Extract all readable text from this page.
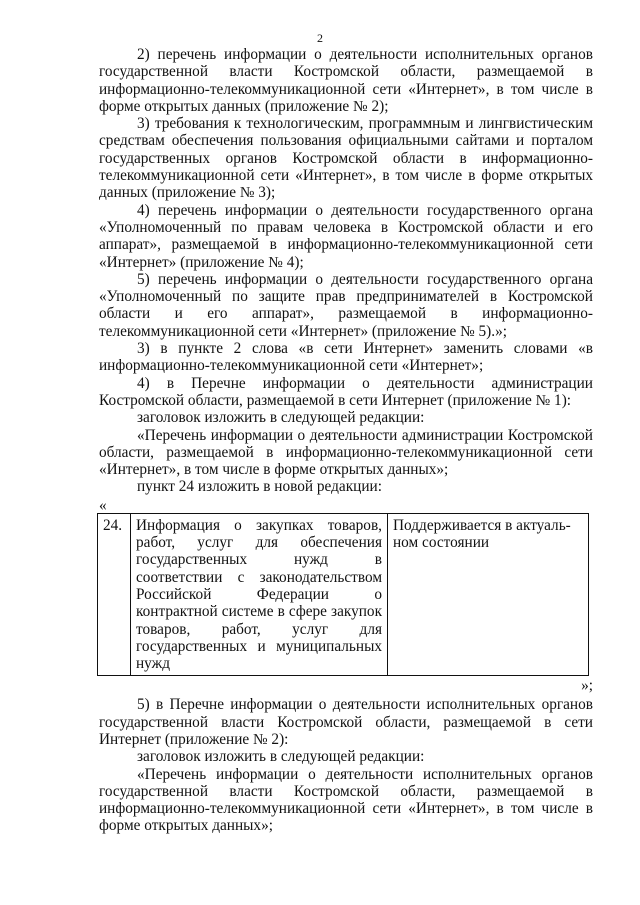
2

2) перечень информации о деятельности исполнительных органов государственной власти Костромской области, размещаемой в информационно-телекоммуникационной сети «Интернет», в том числе в форме открытых данных (приложение № 2);

3) требования к технологическим, программным и лингвистическим средствам обеспечения пользования официальными сайтами и порталом государственных органов Костромской области в информационно-телекоммуникационной сети «Интернет», в том числе в форме открытых данных (приложение № 3);

4) перечень информации о деятельности государственного органа «Уполномоченный по правам человека в Костромской области и его аппарат», размещаемой в информационно-телекоммуникационной сети «Интернет» (приложение № 4);

5) перечень информации о деятельности государственного органа «Уполномоченный по защите прав предпринимателей в Костромской области и его аппарат», размещаемой в информационно-телекоммуникационной сети «Интернет» (приложение № 5).»;

3) в пункте 2 слова «в сети Интернет» заменить словами «в информационно-телекоммуникационной сети «Интернет»;

4) в Перечне информации о деятельности администрации Костромской области, размещаемой в сети Интернет (приложение № 1):

заголовок изложить в следующей редакции:

«Перечень информации о деятельности администрации Костромской области, размещаемой в информационно-телекоммуникационной сети «Интернет», в том числе в форме открытых данных»;

пункт 24 изложить в новой редакции:

«

24.	Информация о закупках товаров, работ, услуг для обеспечения государственных нужд в соответствии с законодательством Российской Федерации о контрактной системе в сфере закупок товаров, работ, услуг для государственных и муниципальных нужд	Поддерживается в актуаль-ном состоянии

»;

5) в Перечне информации о деятельности исполнительных органов государственной власти Костромской области, размещаемой в сети Интернет (приложение № 2):

заголовок изложить в следующей редакции:

«Перечень информации о деятельности исполнительных органов государственной власти Костромской области, размещаемой в информационно-телекоммуникационной сети «Интернет», в том числе в форме открытых данных»;
